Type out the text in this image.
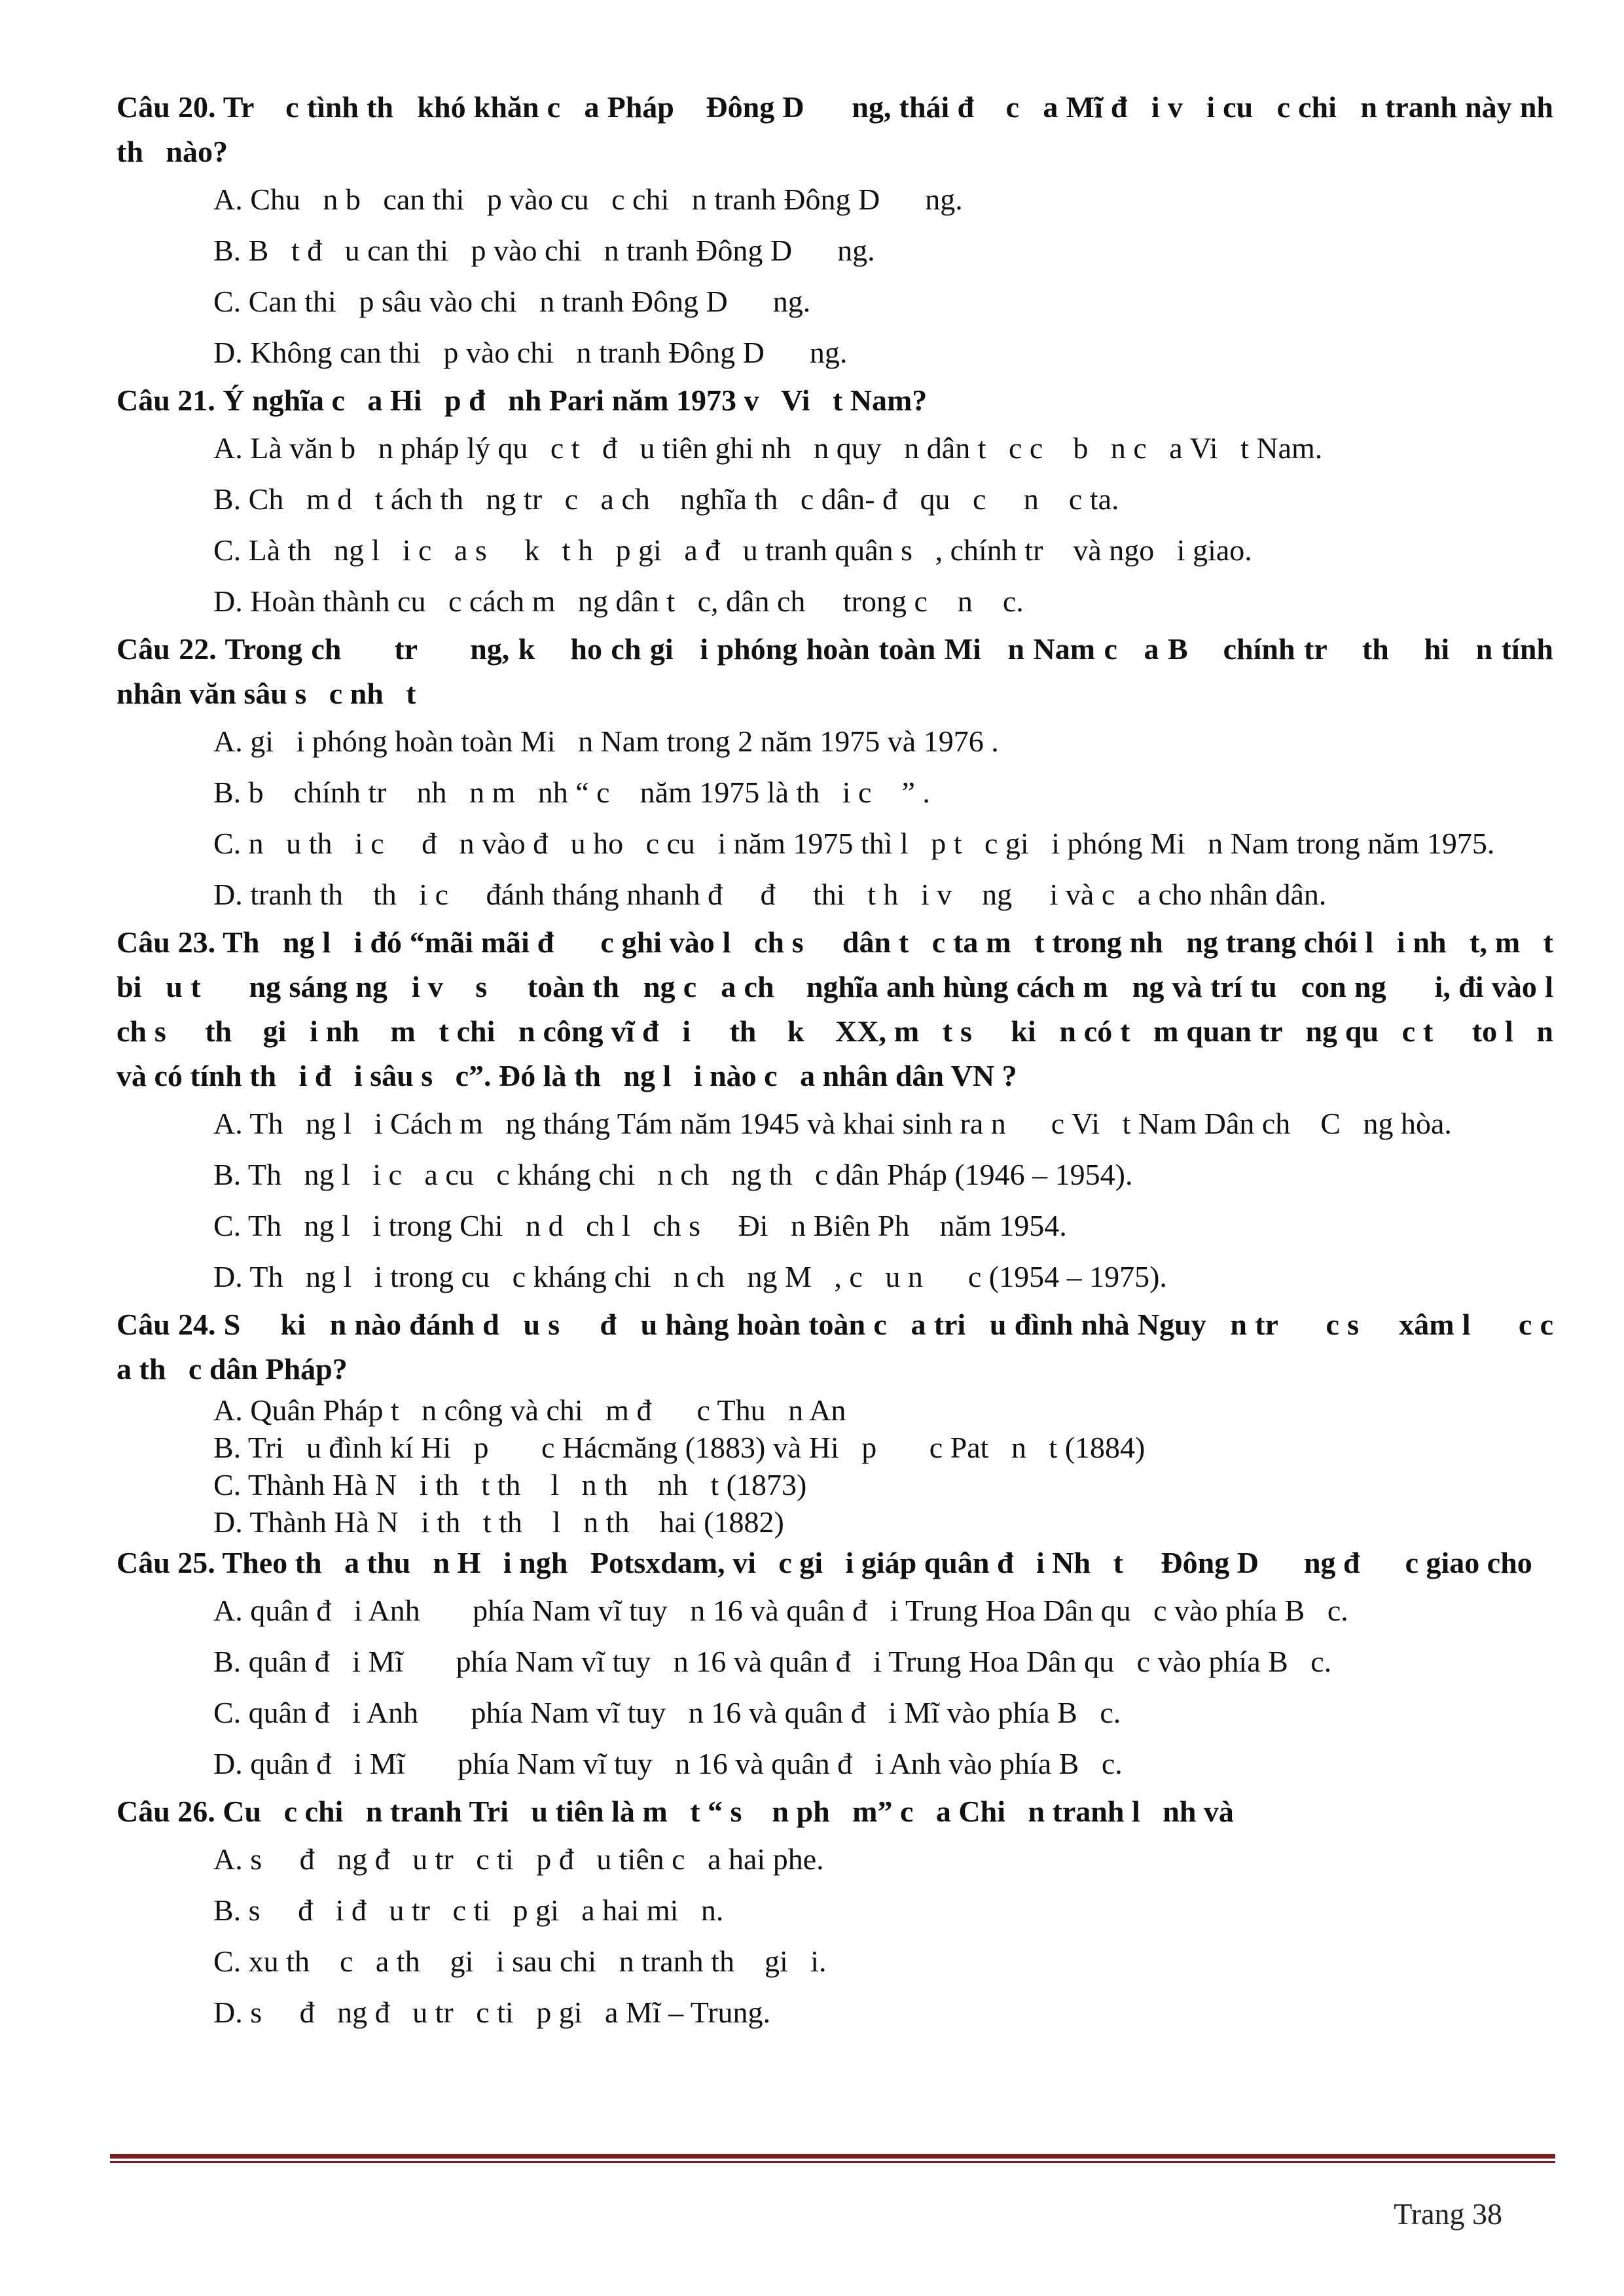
Câu 20. Tr    c tình th   khó khăn c   a Pháp    Đông D      ng, thái đ    c   a Mĩ đ   i v   i cu   c chi   n tranh này nh   th   nào?
A. Chu   n b   can thi   p vào cu   c chi   n tranh Đông D      ng.
B. B   t đ   u can thi   p vào chi   n tranh Đông D      ng.
C. Can thi   p sâu vào chi   n tranh Đông D      ng.
D. Không can thi   p vào chi   n tranh Đông D      ng.
Câu 21. Ý nghĩa c   a Hi   p đ   nh Pari năm 1973 v   Vi   t Nam?
A. Là văn b   n pháp lý qu   c t   đ   u tiên ghi nh   n quy   n dân t   c c    b   n c   a Vi   t Nam.
B. Ch   m d   t ách th   ng tr   c   a ch    nghĩa th   c dân- đ   qu   c     n    c ta.
C. Là th   ng l   i c   a s     k   t h   p gi   a đ   u tranh quân s   , chính tr    và ngo   i giao.
D. Hoàn thành cu   c cách m   ng dân t   c, dân ch     trong c    n    c.
Câu 22. Trong ch      tr      ng, k    ho ch gi   i phóng hoàn toàn Mi   n Nam c   a B    chính tr    th    hi   n tính nhân văn sâu s   c nh   t
A. gi   i phóng hoàn toàn Mi   n Nam trong 2 năm 1975 và 1976 .
B. b    chính tr    nh   n m   nh “ c    năm 1975 là th   i c    ” .
C. n   u th   i c     đ   n vào đ   u ho   c cu   i năm 1975 thì l   p t   c gi   i phóng Mi   n Nam trong năm 1975.
D. tranh th    th   i c     đánh tháng nhanh đ     đ     thi   t h   i v    ng     i và c   a cho nhân dân.
Câu 23. Th   ng l   i đó “mãi mãi đ      c ghi vào l   ch s     dân t   c ta m   t trong nh   ng trang chói l   i nh   t, m   t bi   u t      ng sáng ng   i v    s     toàn th   ng c   a ch    nghĩa anh hùng cách m   ng và trí tu   con ng      i, đi vào l   ch s     th    gi   i nh    m   t chi   n công vĩ đ   i     th    k    XX, m   t s     ki   n có t   m quan tr   ng qu   c t     to l   n và có tính th   i đ   i sâu s   c”. Đó là th   ng l   i nào c   a nhân dân VN ?
A. Th   ng l   i Cách m   ng tháng Tám năm 1945 và khai sinh ra n      c Vi   t Nam Dân ch    C   ng hòa.
B. Th   ng l   i c   a cu   c kháng chi   n ch   ng th   c dân Pháp (1946 – 1954).
C. Th   ng l   i trong Chi   n d   ch l   ch s     Đi   n Biên Ph    năm 1954.
D. Th   ng l   i trong cu   c kháng chi   n ch   ng M   , c   u n      c (1954 – 1975).
Câu 24. S     ki   n nào đánh d   u s     đ   u hàng hoàn toàn c   a tri   u đình nhà Nguy   n tr      c s     xâm l      c c   a th   c dân Pháp?
A. Quân Pháp t   n công và chi   m đ      c Thu   n An
B. Tri   u đình kí Hi   p       c Hácmăng (1883) và Hi   p       c Pat   n   t (1884)
C. Thành Hà N   i th   t th    l   n th    nh   t (1873)
D. Thành Hà N   i th   t th    l   n th    hai (1882)
Câu 25. Theo th   a thu   n H   i ngh   Potsxdam, vi   c gi   i giáp quân đ   i Nh   t     Đông D      ng đ      c giao cho
A. quân đ   i Anh       phía Nam vĩ tuy   n 16 và quân đ   i Trung Hoa Dân qu   c vào phía B   c.
B. quân đ   i Mĩ       phía Nam vĩ tuy   n 16 và quân đ   i Trung Hoa Dân qu   c vào phía B   c.
C. quân đ   i Anh       phía Nam vĩ tuy   n 16 và quân đ   i Mĩ vào phía B   c.
D. quân đ   i Mĩ       phía Nam vĩ tuy   n 16 và quân đ   i Anh vào phía B   c.
Câu 26. Cu   c chi   n tranh Tri   u tiên là m   t “ s    n ph   m” c   a Chi   n tranh l   nh và
A. s     đ   ng đ   u tr   c ti   p đ   u tiên c   a hai phe.
B. s     đ   i đ   u tr   c ti   p gi   a hai mi   n.
C. xu th    c   a th    gi   i sau chi   n tranh th    gi   i.
D. s     đ   ng đ   u tr   c ti   p gi   a Mĩ – Trung.
Trang 38
